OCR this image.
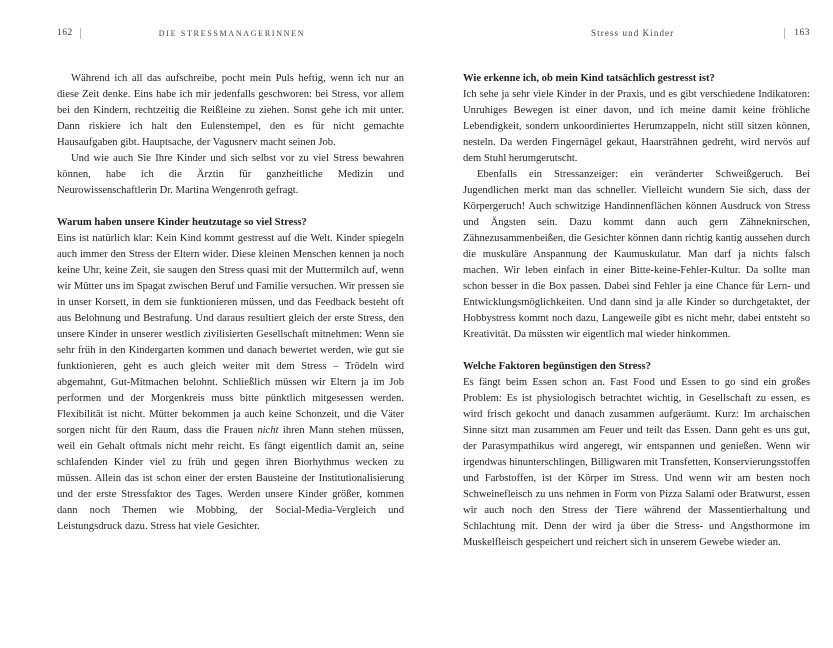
162	DIE STRESSMANAGERINNEN

Während ich all das aufschreibe, pocht mein Puls heftig, wenn ich nur an diese Zeit denke. Eins habe ich mir jedenfalls geschworen: bei Stress, vor allem bei den Kindern, rechtzeitig die Reißleine zu ziehen. Sonst gehe ich mit unter. Dann riskiere ich halt den Eulenstempel, den es für nicht gemachte Hausaufgaben gibt. Hauptsache, der Vagusnerv macht seinen Job.

Und wie auch Sie Ihre Kinder und sich selbst vor zu viel Stress bewahren können, habe ich die Ärztin für ganzheitliche Medizin und Neurowissenschaftlerin Dr. Martina Wengenroth gefragt.

Warum haben unsere Kinder heutzutage so viel Stress?

Eins ist natürlich klar: Kein Kind kommt gestresst auf die Welt. Kinder spiegeln auch immer den Stress der Eltern wider. Diese kleinen Menschen kennen ja noch keine Uhr, keine Zeit, sie saugen den Stress quasi mit der Muttermilch auf, wenn wir Mütter uns im Spagat zwischen Beruf und Familie versuchen. Wir pressen sie in unser Korsett, in dem sie funktionieren müssen, und das Feedback besteht oft aus Belohnung und Bestrafung. Und daraus resultiert gleich der erste Stress, den unsere Kinder in unserer westlich zivilisierten Gesellschaft mitnehmen: Wenn sie sehr früh in den Kindergarten kommen und danach bewertet werden, wie gut sie funktionieren, geht es auch gleich weiter mit dem Stress – Trödeln wird abgemahnt, Gut-Mitmachen belohnt. Schließlich müssen wir Eltern ja im Job performen und der Morgenkreis muss bitte pünktlich mitgesessen werden. Flexibilität ist nicht. Mütter bekommen ja auch keine Schonzeit, und die Väter sorgen nicht für den Raum, dass die Frauen nicht ihren Mann stehen müssen, weil ein Gehalt oftmals nicht mehr reicht. Es fängt eigentlich damit an, seine schlafenden Kinder viel zu früh und gegen ihren Biorhythmus wecken zu müssen. Allein das ist schon einer der ersten Bausteine der Institutionalisierung und der erste Stressfaktor des Tages. Werden unsere Kinder größer, kommen dann noch Themen wie Mobbing, der Social-Media-Vergleich und Leistungsdruck dazu. Stress hat viele Gesichter.

Stress und Kinder	163
Wie erkenne ich, ob mein Kind tatsächlich gestresst ist?

Ich sehe ja sehr viele Kinder in der Praxis, und es gibt verschiedene Indikatoren: Unruhiges Bewegen ist einer davon, und ich meine damit keine fröhliche Lebendigkeit, sondern unkoordiniertes Herumzappeln, nicht still sitzen können, nesteln. Da werden Fingernägel gekaut, Haarsträhnen gedreht, wird nervös auf dem Stuhl herumgerutscht.

Ebenfalls ein Stressanzeiger: ein veränderter Schweißgeruch. Bei Jugendlichen merkt man das schneller. Vielleicht wundern Sie sich, dass der Körpergeruch! Auch schwitzige Handinnenflächen können Ausdruck von Stress und Ängsten sein. Dazu kommt dann auch gern Zähneknirschen, Zähnezusammenbeißen, die Gesichter können dann richtig kantig aussehen durch die muskuläre Anspannung der Kaumuskulatur. Man darf ja nichts falsch machen. Wir leben einfach in einer Bitte-keine-Fehler-Kultur. Da sollte man schon besser in die Box passen. Dabei sind Fehler ja eine Chance für Lern- und Entwicklungsmöglichkeiten. Und dann sind ja alle Kinder so durchgetaktet, der Hobbystress kommt noch dazu, Langeweile gibt es nicht mehr, dabei entsteht so Kreativität. Da müssten wir eigentlich mal wieder hinkommen.

Welche Faktoren begünstigen den Stress?

Es fängt beim Essen schon an. Fast Food und Essen to go sind ein großes Problem: Es ist physiologisch betrachtet wichtig, in Gesellschaft zu essen, es wird frisch gekocht und danach zusammen aufgeräumt. Kurz: Im archaischen Sinne sitzt man zusammen am Feuer und teilt das Essen. Dann geht es uns gut, der Parasympathikus wird angeregt, wir entspannen und genießen. Wenn wir irgendwas hinunterschlingen, Billigwaren mit Transfetten, Konservierungsstoffen und Farbstoffen, ist der Körper im Stress. Und wenn wir am besten noch Schweinefleisch zu uns nehmen in Form von Pizza Salami oder Bratwurst, essen wir auch noch den Stress der Tiere während der Massentierhaltung und Schlachtung mit. Denn der wird ja über die Stress- und Angsthormone im Muskelfleisch gespeichert und reichert sich in unserem Gewebe wieder an.
